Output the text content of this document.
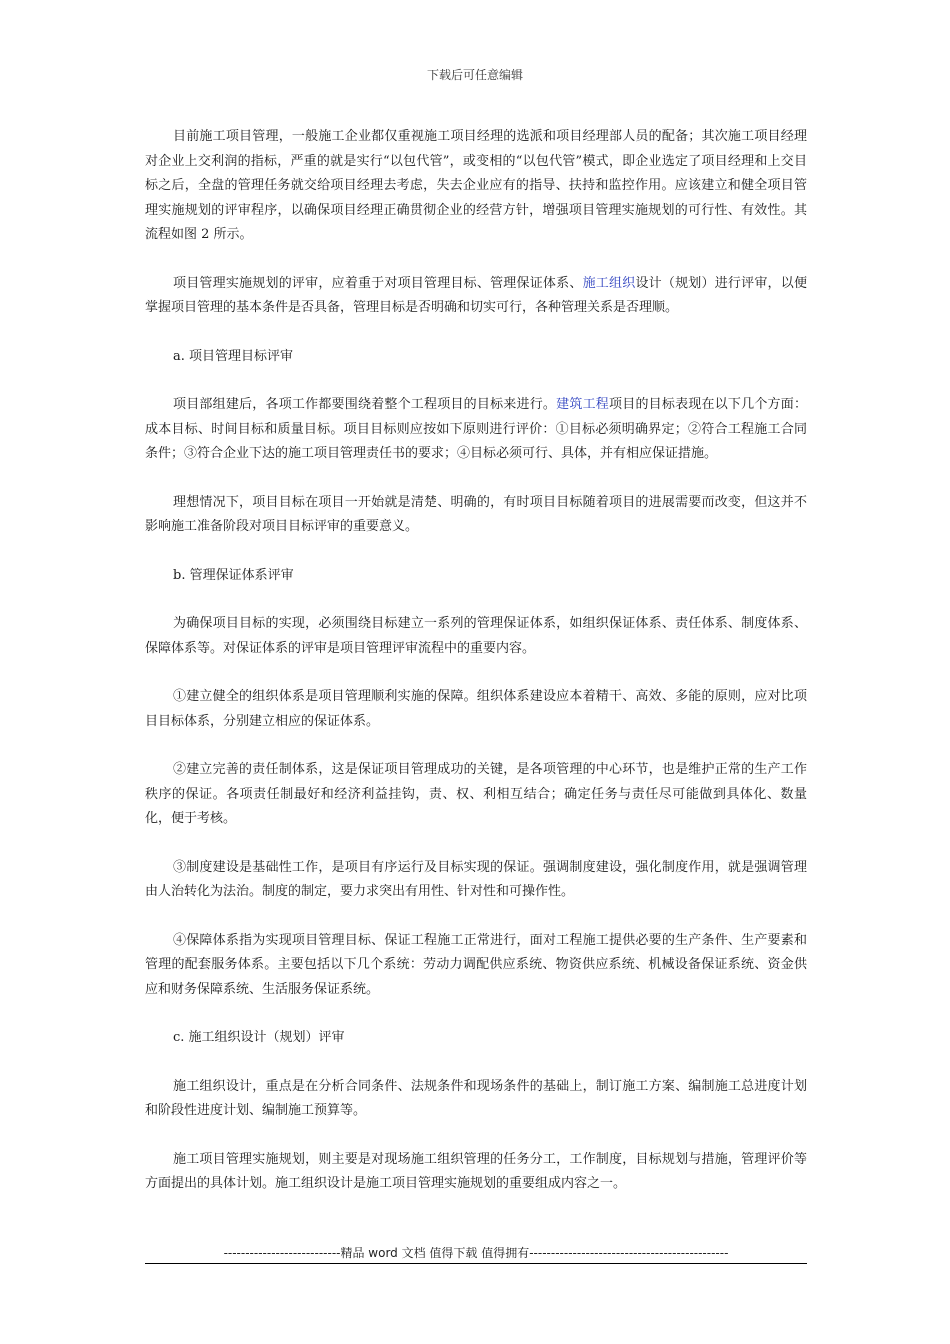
下载后可任意编辑

目前施工项目管理，一般施工企业都仅重视施工项目经理的选派和项目经理部人员的配备；其次施工项目经理对企业上交利润的指标，严重的就是实行“以包代管”，或变相的“以包代管”模式，即企业选定了项目经理和上交目标之后，全盘的管理任务就交给项目经理去考虑，失去企业应有的指导、扶持和监控作用。应该建立和健全项目管理实施规划的评审程序，以确保项目经理正确贯彻企业的经营方针，增强项目管理实施规划的可行性、有效性。其流程如图 2 所示。

项目管理实施规划的评审，应着重于对项目管理目标、管理保证体系、施工组织设计（规划）进行评审，以便掌握项目管理的基本条件是否具备，管理目标是否明确和切实可行，各种管理关系是否理顺。

a. 项目管理目标评审

项目部组建后，各项工作都要围绕着整个工程项目的目标来进行。建筑工程项目的目标表现在以下几个方面：成本目标、时间目标和质量目标。项目目标则应按如下原则进行评价：①目标必须明确界定；②符合工程施工合同条件；③符合企业下达的施工项目管理责任书的要求；④目标必须可行、具体，并有相应保证措施。

理想情况下，项目目标在项目一开始就是清楚、明确的，有时项目目标随着项目的进展需要而改变，但这并不影响施工准备阶段对项目目标评审的重要意义。

b. 管理保证体系评审

为确保项目目标的实现，必须围绕目标建立一系列的管理保证体系，如组织保证体系、责任体系、制度体系、保障体系等。对保证体系的评审是项目管理评审流程中的重要内容。

①建立健全的组织体系是项目管理顺利实施的保障。组织体系建设应本着精干、高效、多能的原则，应对比项目目标体系，分别建立相应的保证体系。

②建立完善的责任制体系，这是保证项目管理成功的关键，是各项管理的中心环节，也是维护正常的生产工作秩序的保证。各项责任制最好和经济利益挂钩，责、权、利相互结合；确定任务与责任尽可能做到具体化、数量化，便于考核。

③制度建设是基础性工作，是项目有序运行及目标实现的保证。强调制度建设，强化制度作用，就是强调管理由人治转化为法治。制度的制定，要力求突出有用性、针对性和可操作性。

④保障体系指为实现项目管理目标、保证工程施工正常进行，面对工程施工提供必要的生产条件、生产要素和管理的配套服务体系。主要包括以下几个系统：劳动力调配供应系统、物资供应系统、机械设备保证系统、资金供应和财务保障系统、生活服务保证系统。

c. 施工组织设计（规划）评审

施工组织设计，重点是在分析合同条件、法规条件和现场条件的基础上，制订施工方案、编制施工总进度计划和阶段性进度计划、编制施工预算等。

施工项目管理实施规划，则主要是对现场施工组织管理的任务分工，工作制度，目标规划与措施，管理评价等方面提出的具体计划。施工组织设计是施工项目管理实施规划的重要组成内容之一。

---------------------------精品 word 文档 值得下载 值得拥有----------------------------------------------
